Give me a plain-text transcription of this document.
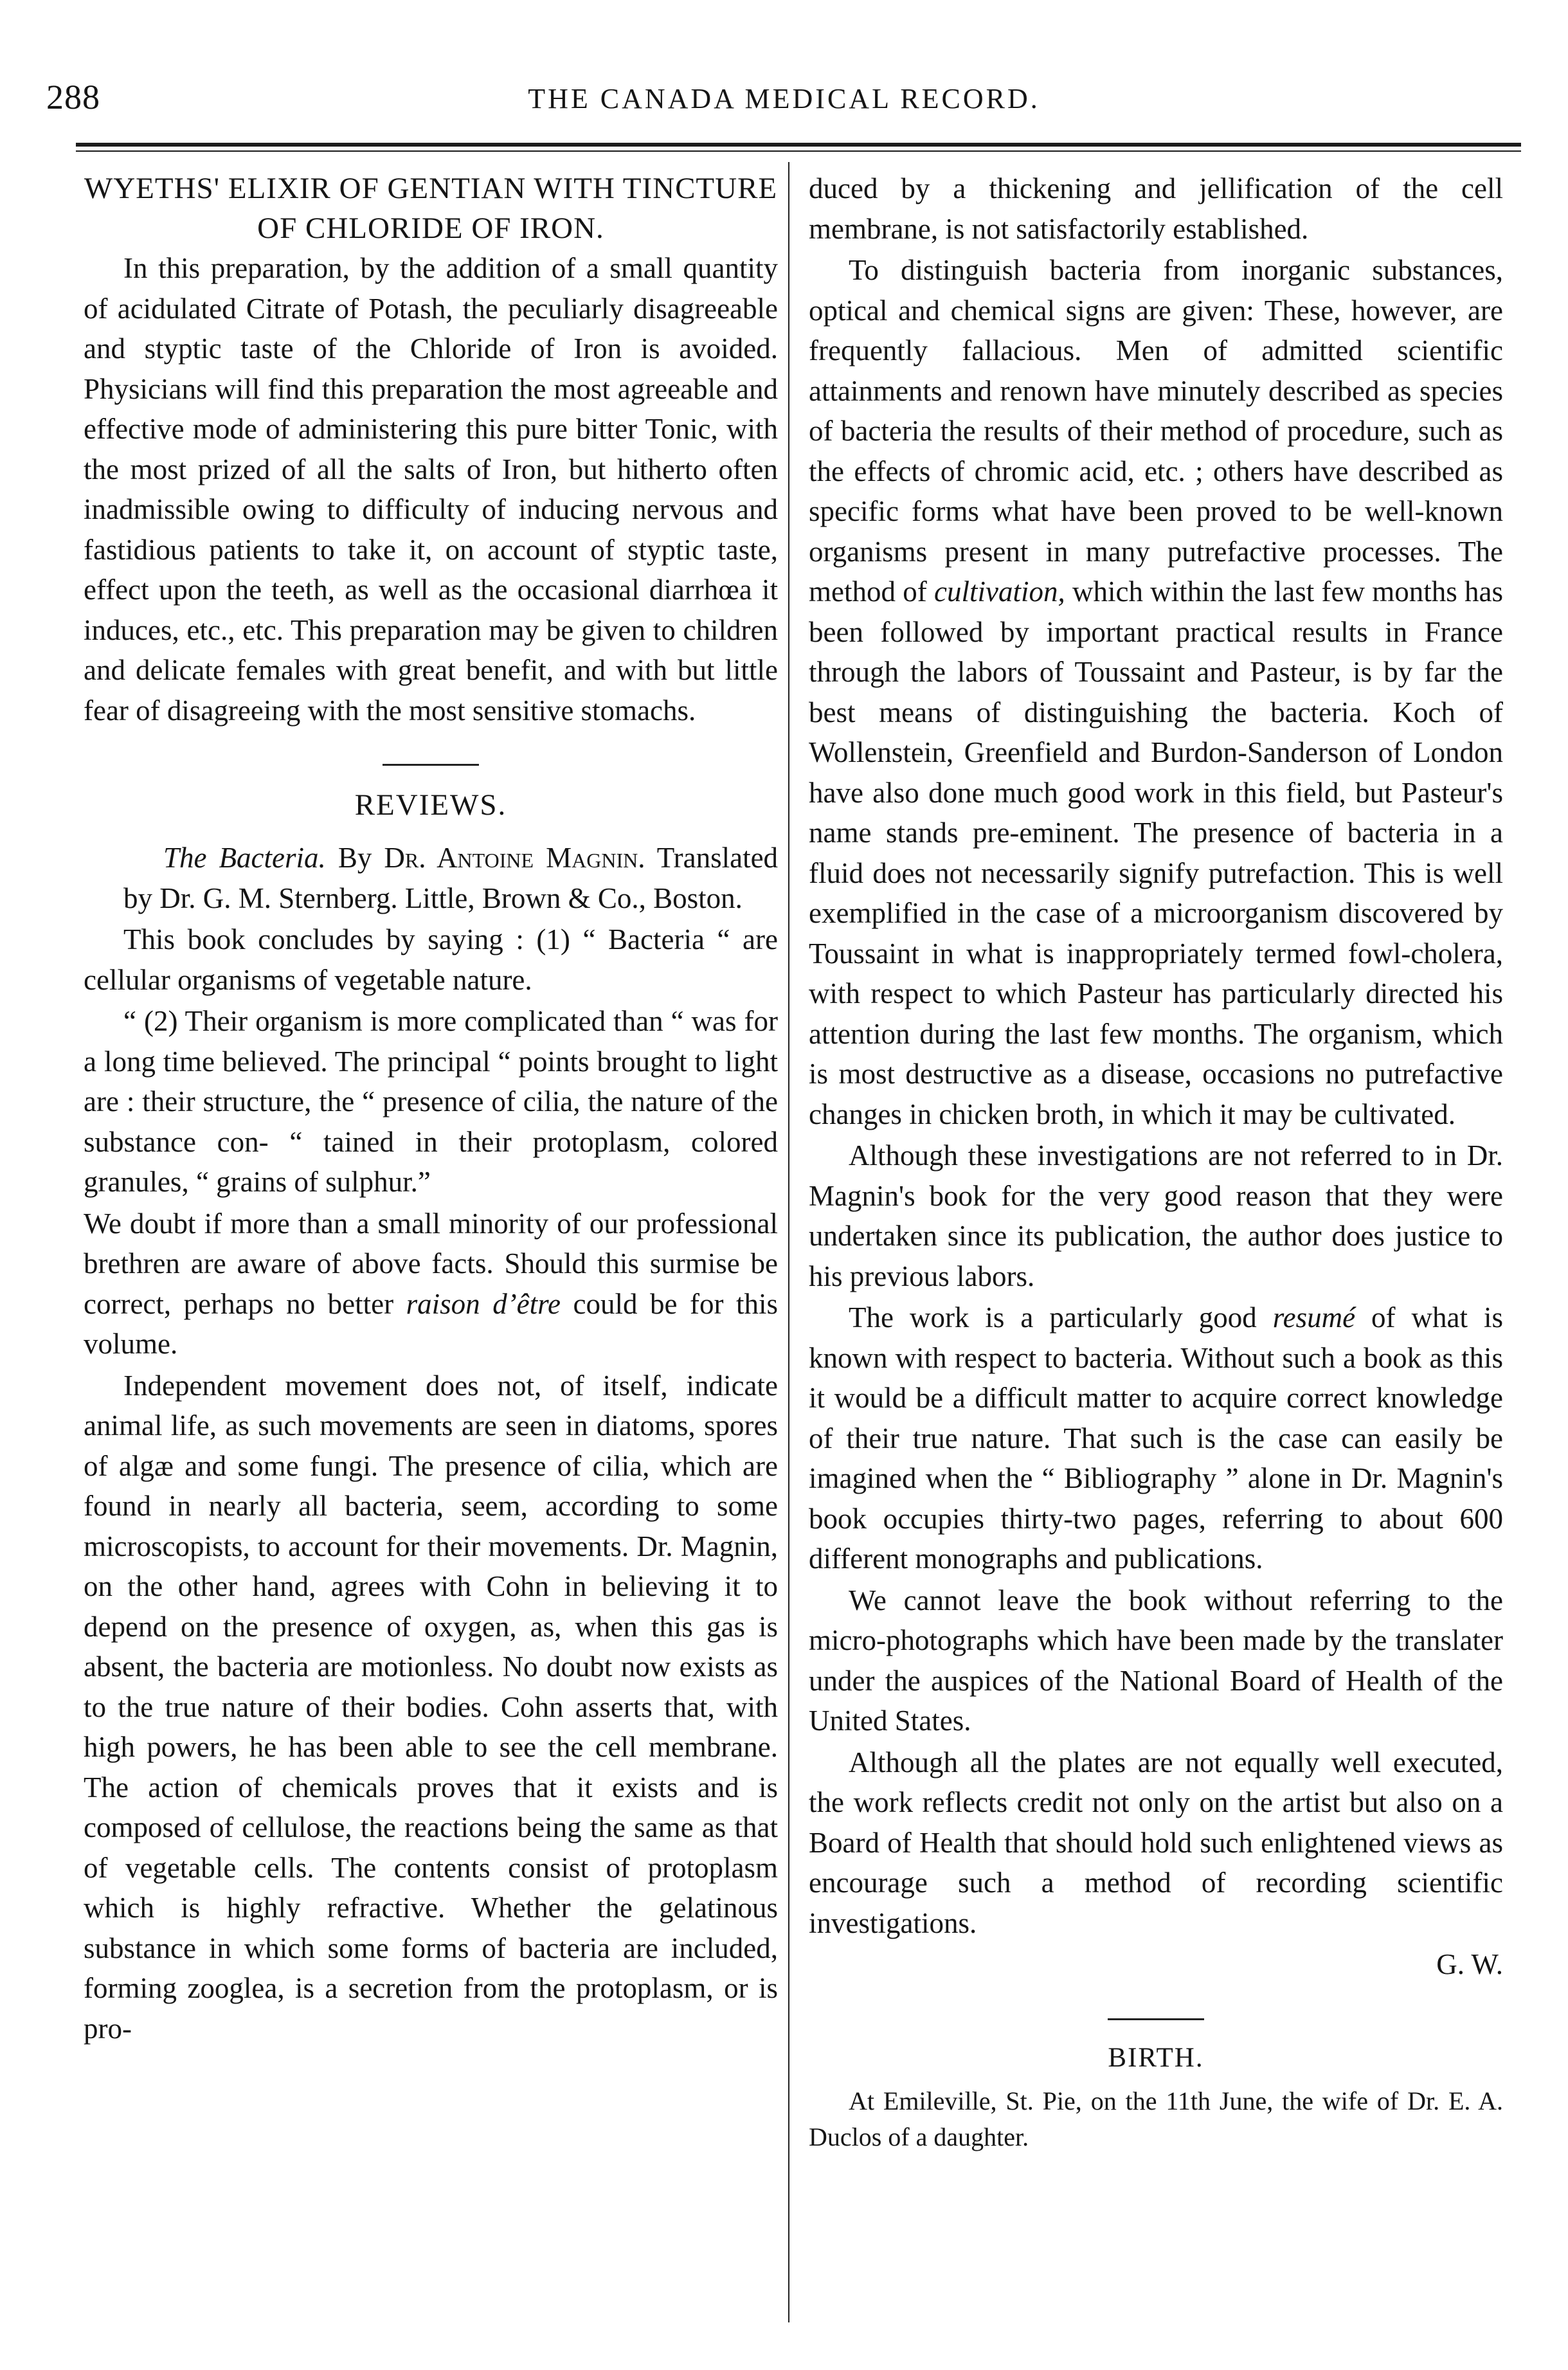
288	THE CANADA MEDICAL RECORD.
WYETHS' ELIXIR OF GENTIAN WITH TINCTURE OF CHLORIDE OF IRON.

In this preparation, by the addition of a small quantity of acidulated Citrate of Potash, the peculiarly disagreeable and styptic taste of the Chloride of Iron is avoided. Physicians will find this preparation the most agreeable and effective mode of administering this pure bitter Tonic, with the most prized of all the salts of Iron, but hitherto often inadmissible owing to difficulty of inducing nervous and fastidious patients to take it, on account of styptic taste, effect upon the teeth, as well as the occasional diarrhœa it induces, etc., etc. This preparation may be given to children and delicate females with great benefit, and with but little fear of disagreeing with the most sensitive stomachs.

REVIEWS.

The Bacteria. By Dr. Antoine Magnin. Translated by Dr. G. M. Sternberg. Little, Brown & Co., Boston.

This book concludes by saying : (1) “ Bacteria “ are cellular organisms of vegetable nature.

“ (2) Their organism is more complicated than “ was for a long time believed. The principal “ points brought to light are : their structure, the “ presence of cilia, the nature of the substance con- “ tained in their protoplasm, colored granules, “ grains of sulphur.”

We doubt if more than a small minority of our professional brethren are aware of above facts. Should this surmise be correct, perhaps no better raison d’être could be for this volume.

Independent movement does not, of itself, indicate animal life, as such movements are seen in diatoms, spores of algæ and some fungi. The presence of cilia, which are found in nearly all bacteria, seem, according to some microscopists, to account for their movements. Dr. Magnin, on the other hand, agrees with Cohn in believing it to depend on the presence of oxygen, as, when this gas is absent, the bacteria are motionless. No doubt now exists as to the true nature of their bodies. Cohn asserts that, with high powers, he has been able to see the cell membrane. The action of chemicals proves that it exists and is composed of cellulose, the reactions being the same as that of vegetable cells. The contents consist of protoplasm which is highly refractive. Whether the gelatinous substance in which some forms of bacteria are included, forming zooglea, is a secretion from the protoplasm, or is pro-

duced by a thickening and jellification of the cell membrane, is not satisfactorily established.

To distinguish bacteria from inorganic substances, optical and chemical signs are given: These, however, are frequently fallacious. Men of admitted scientific attainments and renown have minutely described as species of bacteria the results of their method of procedure, such as the effects of chromic acid, etc. ; others have described as specific forms what have been proved to be well-known organisms present in many putrefactive processes. The method of cultivation, which within the last few months has been followed by important practical results in France through the labors of Toussaint and Pasteur, is by far the best means of distinguishing the bacteria. Koch of Wollenstein, Greenfield and Burdon-Sanderson of London have also done much good work in this field, but Pasteur's name stands pre-eminent. The presence of bacteria in a fluid does not necessarily signify putrefaction. This is well exemplified in the case of a microorganism discovered by Toussaint in what is inappropriately termed fowl-cholera, with respect to which Pasteur has particularly directed his attention during the last few months. The organism, which is most destructive as a disease, occasions no putrefactive changes in chicken broth, in which it may be cultivated.

Although these investigations are not referred to in Dr. Magnin's book for the very good reason that they were undertaken since its publication, the author does justice to his previous labors.

The work is a particularly good resumé of what is known with respect to bacteria. Without such a book as this it would be a difficult matter to acquire correct knowledge of their true nature. That such is the case can easily be imagined when the “ Bibliography ” alone in Dr. Magnin's book occupies thirty-two pages, referring to about 600 different monographs and publications.

We cannot leave the book without referring to the micro-photographs which have been made by the translater under the auspices of the National Board of Health of the United States.

Although all the plates are not equally well executed, the work reflects credit not only on the artist but also on a Board of Health that should hold such enlightened views as encourage such a method of recording scientific investigations.

G. W.

BIRTH.

At Emileville, St. Pie, on the 11th June, the wife of Dr. E. A. Duclos of a daughter.
